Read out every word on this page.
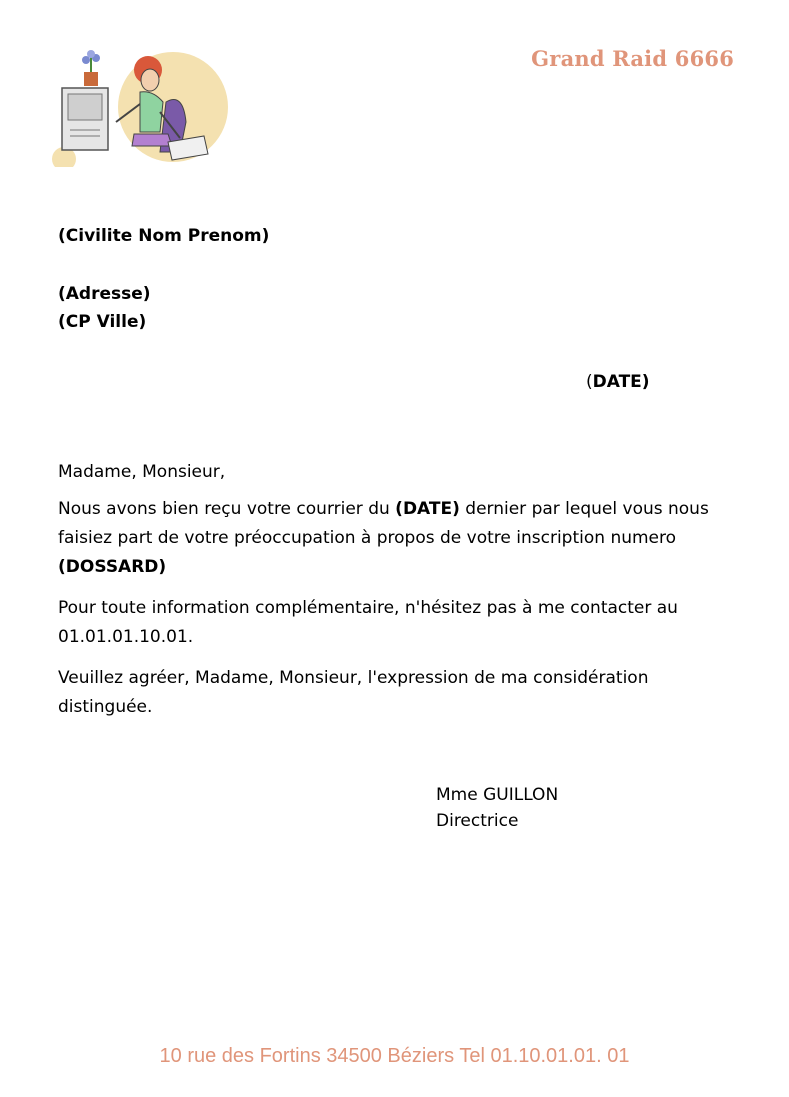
Grand Raid 6666
(Civilite Nom Prenom)
(Adresse)
(CP Ville)
(DATE)
Madame, Monsieur,
Nous avons bien reçu votre courrier du (DATE) dernier par lequel vous nous faisiez part de votre préoccupation à propos de votre inscription numero
(DOSSARD)
Pour toute information complémentaire, n'hésitez pas à me contacter au 01.01.01.10.01.
Veuillez agréer, Madame, Monsieur, l'expression de ma considération distinguée.
Mme GUILLON
Directrice
10 rue des Fortins 34500 Béziers Tel 01.10.01.01. 01
